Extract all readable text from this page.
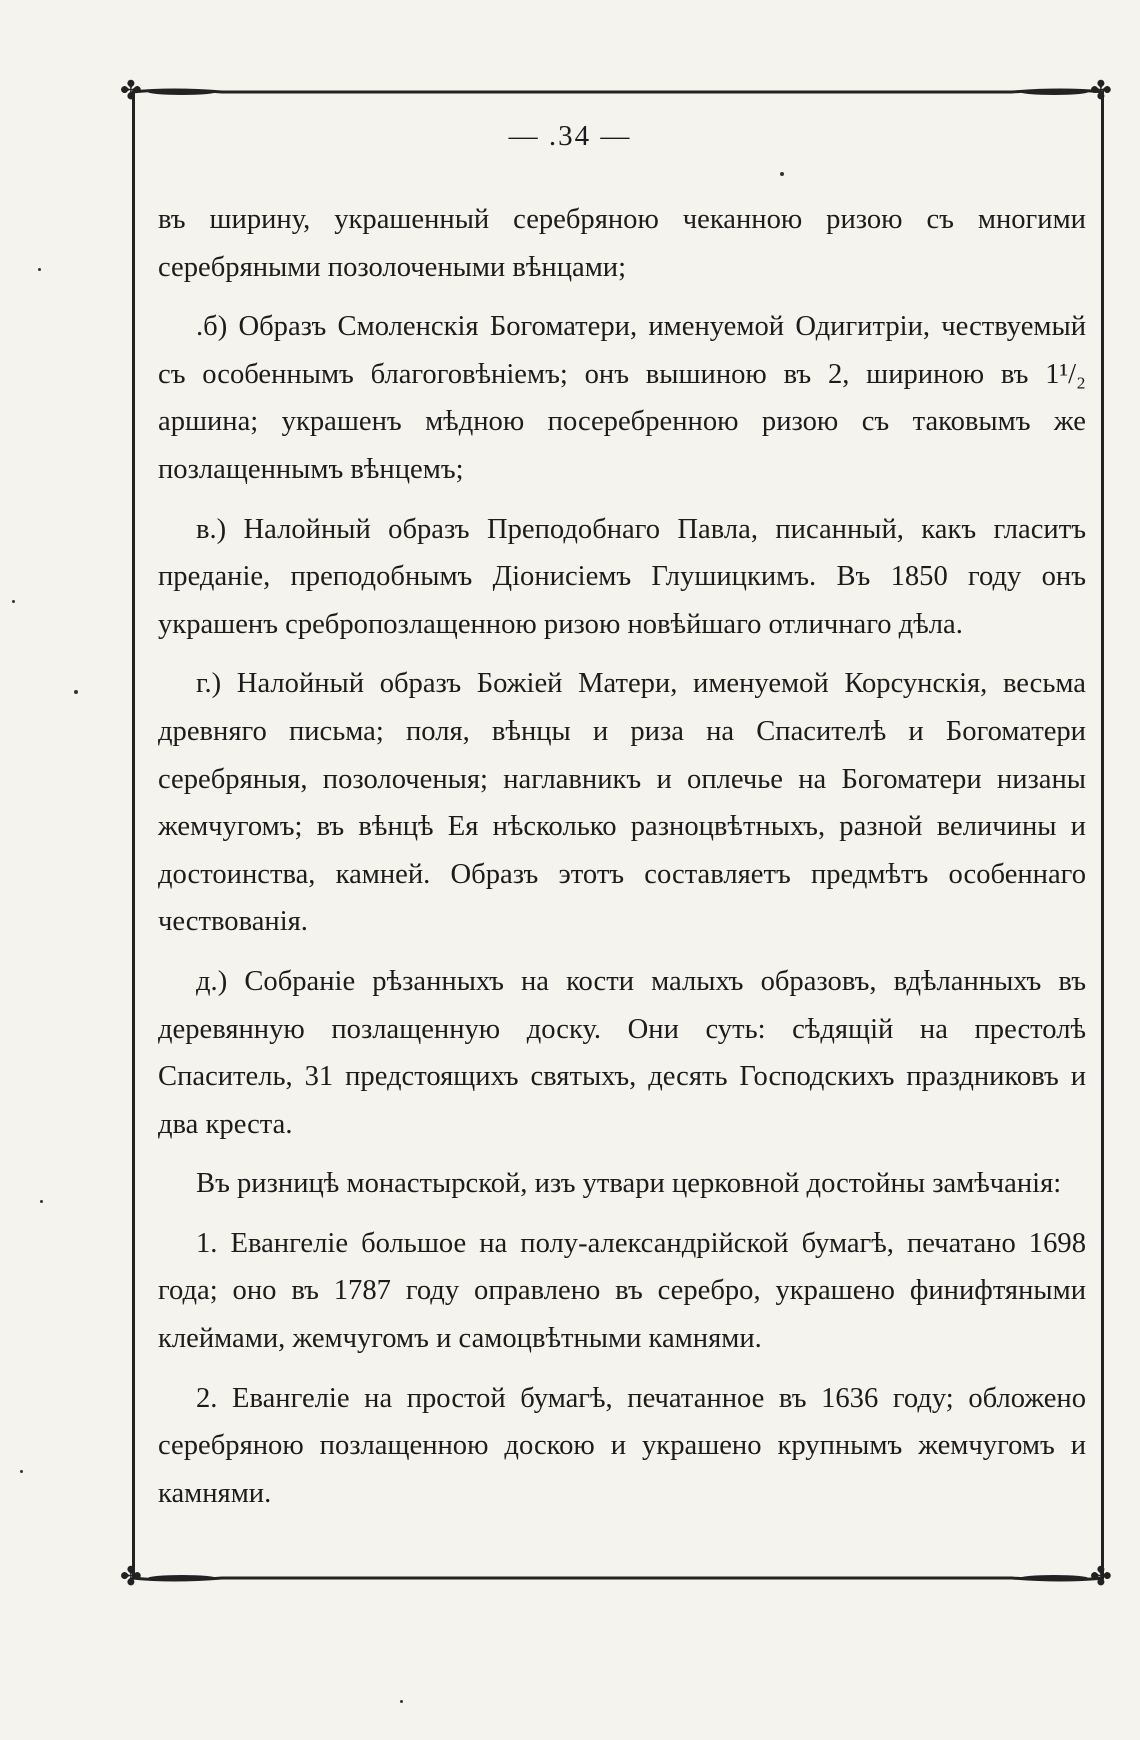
✤	✤
✤	✤
— .34 —

въ ширину, украшенный серебряною чеканною ризою съ многими серебряными позолочеными вѣнцами;

.б) Образъ Смоленскія Богоматери, именуемой Одигитріи, чествуемый съ особеннымъ благоговѣніемъ; онъ вышиною въ 2, шириною въ 1¹/₂ аршина; украшенъ мѣдною посеребренною ризою съ таковымъ же позлащеннымъ вѣнцемъ;

в.) Налойный образъ Преподобнаго Павла, писанный, какъ гласитъ преданіе, преподобнымъ Діонисіемъ Глушицкимъ. Въ 1850 году онъ украшенъ сребропозлащенною ризою новѣйшаго отличнаго дѣла.

г.) Налойный образъ Божіей Матери, именуемой Корсунскія, весьма древняго письма; поля, вѣнцы и риза на Спасителѣ и Богоматери серебряныя, позолоченыя; наглавникъ и оплечье на Богоматери низаны жемчугомъ; въ вѣнцѣ Ея нѣсколько разноцвѣтныхъ, разной величины и достоинства, камней. Образъ этотъ составляетъ предмѣтъ особеннаго чествованія.

д.) Собраніе рѣзанныхъ на кости малыхъ образовъ, вдѣланныхъ въ деревянную позлащенную доску. Они суть: сѣдящій на престолѣ Спаситель, 31 предстоящихъ святыхъ, десять Господскихъ праздниковъ и два креста.

Въ ризницѣ монастырской, изъ утвари церковной достойны замѣчанія:

1. Евангеліе большое на полу-александрійской бумагѣ, печатано 1698 года; оно въ 1787 году оправлено въ серебро, украшено финифтяными клеймами, жемчугомъ и самоцвѣтными камнями.

2. Евангеліе на простой бумагѣ, печатанное въ 1636 году; обложено серебряною позлащенною доскою и украшено крупнымъ жемчугомъ и камнями.
